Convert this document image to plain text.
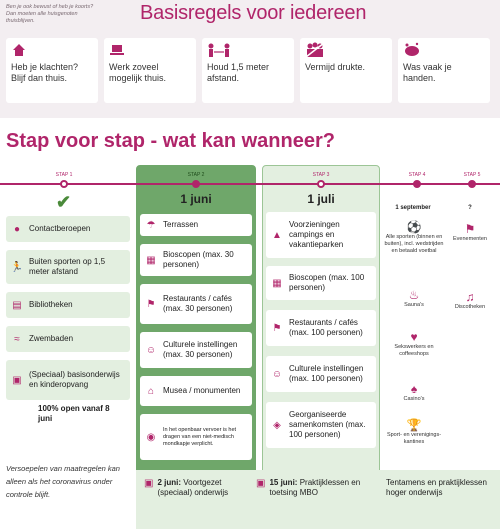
Ben je ook bewust of heb je koorts? Dan moeten alle huisgenoten thuisblijven.	Basisregels voor iedereen
Heb je klachten? Blijf dan thuis.
Werk zoveel mogelijk thuis.
Houd 1,5 meter afstand.
Vermijd drukte.	Was vaak je handen.
Stap voor stap - wat kan wanneer?
STAP 1	STAP 2	STAP 3	STAP 4	STAP 5
✔
●	Contactberoepen
🏃 Buiten sporten op 1,5 meter afstand
▤ Bibliotheken
≈	Zwembaden
▣ (Speciaal) basisonderwijs en kinderopvang
100% open vanaf 8 juni
1 juni
☂ Terrassen
▦ Bioscopen (max. 30 personen)
⚑ Restaurants / cafés (max. 30 personen)
☺ Culturele instellingen (max. 30 personen)
⌂	Musea / monumenten
◉
In het openbaar vervoer is het dragen van een niet-medisch mondkapje verplicht.
1 juli
▲
Voorzieningen campings en vakantieparken
▦ Bioscopen (max. 100 personen)
⚑ Restaurants / cafés (max. 100 personen)
☺ Culturele instellingen (max. 100 personen)
◈
Georganiseerde samenkomsten (max. 100 personen)
1 september
⚽
Alle sporten (binnen en buiten), incl. wedstrijden en betaald voetbal
♨
Sauna's
♥
Sekswerkers en coffeeshops
♠
Casino's
🏆
Sport- en verenigings-kantines
?
⚑
Evenementen
♫
Discotheken
Versoepelen van maatregelen kan alleen als het coronavirus onder controle blijft.
▣ 2 juni: Voortgezet (speciaal) onderwijs
▣ 15 juni: Praktijklessen en toetsing MBO
Tentamens en praktijklessen hoger onderwijs
